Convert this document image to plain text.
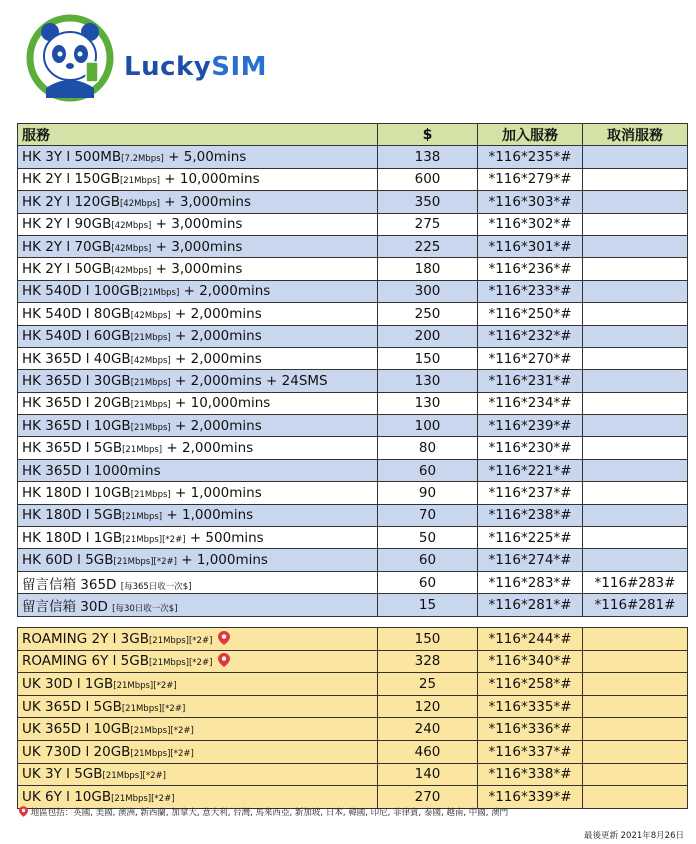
LuckySIM
服務	$	加入服務	取消服務
HK 3Y l 500MB[7.2Mbps] + 5,00mins	138	*116*235*#	
HK 2Y l 150GB[21Mbps] + 10,000mins	600	*116*279*#	
HK 2Y l 120GB[42Mbps] + 3,000mins	350	*116*303*#	
HK 2Y l 90GB[42Mbps] + 3,000mins	275	*116*302*#	
HK 2Y l 70GB[42Mbps] + 3,000mins	225	*116*301*#	
HK 2Y l 50GB[42Mbps] + 3,000mins	180	*116*236*#	
HK 540D l 100GB[21Mbps] + 2,000mins	300	*116*233*#	
HK 540D l 80GB[42Mbps] + 2,000mins	250	*116*250*#	
HK 540D l 60GB[21Mbps] + 2,000mins	200	*116*232*#	
HK 365D l 40GB[42Mbps] + 2,000mins	150	*116*270*#	
HK 365D l 30GB[21Mbps] + 2,000mins + 24SMS	130	*116*231*#	
HK 365D l 20GB[21Mbps] + 10,000mins	130	*116*234*#	
HK 365D l 10GB[21Mbps] + 2,000mins	100	*116*239*#	
HK 365D l 5GB[21Mbps] + 2,000mins	80	*116*230*#	
HK 365D l 1000mins	60	*116*221*#	
HK 180D l 10GB[21Mbps] + 1,000mins	90	*116*237*#	
HK 180D l 5GB[21Mbps] + 1,000mins	70	*116*238*#	
HK 180D l 1GB[21Mbps][*2#] + 500mins	50	*116*225*#	
HK 60D l 5GB[21Mbps][*2#] + 1,000mins	60	*116*274*#	
留言信箱 365D [每365日收一次$]	60	*116*283*#	*116#283#
留言信箱 30D [每30日收一次$]	15	*116*281*#	*116#281#
ROAMING 2Y l 3GB[21Mbps][*2#]	150	*116*244*#	
ROAMING 6Y l 5GB[21Mbps][*2#]	328	*116*340*#	
UK 30D l 1GB[21Mbps][*2#]	25	*116*258*#	
UK 365D l 5GB[21Mbps][*2#]	120	*116*335*#	
UK 365D l 10GB[21Mbps][*2#]	240	*116*336*#	
UK 730D l 20GB[21Mbps][*2#]	460	*116*337*#	
UK 3Y l 5GB[21Mbps][*2#]	140	*116*338*#	
UK 6Y l 10GB[21Mbps][*2#]	270	*116*339*#	
地區包括：英國, 美國, 澳洲, 新西蘭, 加拿大, 意大利, 台灣, 馬來西亞, 新加坡, 日本, 韓國, 印尼, 菲律賓, 泰國, 越南, 中國, 澳門
最後更新 2021年8月26日
